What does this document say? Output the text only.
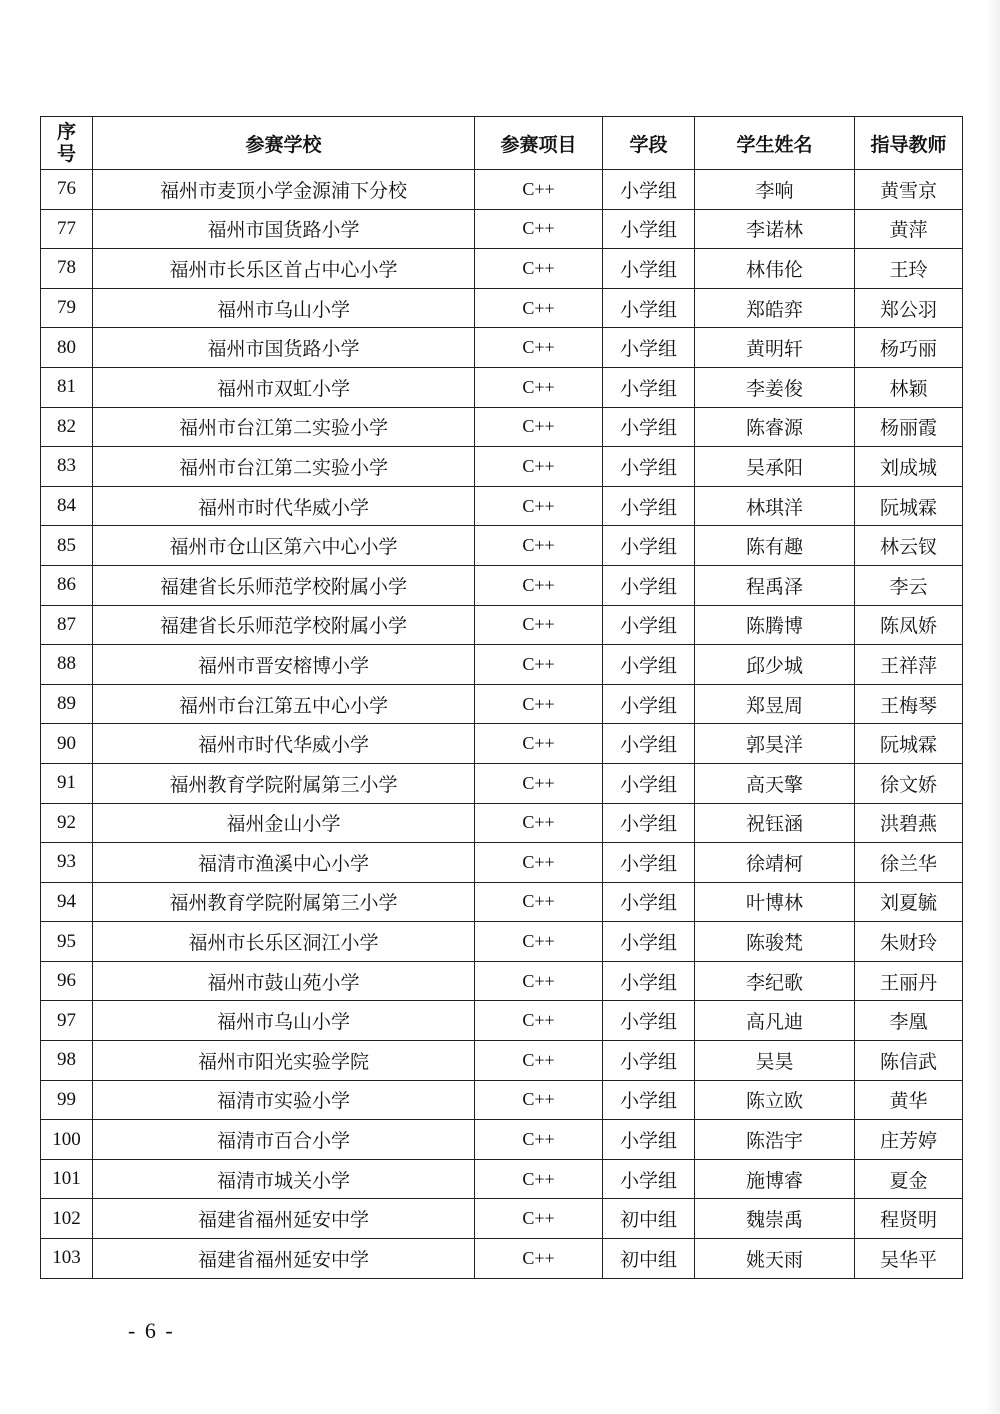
序
号	参赛学校	参赛项目	学段	学生姓名	指导教师
76	福州市麦顶小学金源浦下分校	C++	小学组	李响	黄雪京
77	福州市国货路小学	C++	小学组	李诺林	黄萍
78	福州市长乐区首占中心小学	C++	小学组	林伟伦	王玲
79	福州市乌山小学	C++	小学组	郑皓弈	郑公羽
80	福州市国货路小学	C++	小学组	黄明轩	杨巧丽
81	福州市双虹小学	C++	小学组	李姜俊	林颖
82	福州市台江第二实验小学	C++	小学组	陈睿源	杨丽霞
83	福州市台江第二实验小学	C++	小学组	吴承阳	刘成城
84	福州市时代华威小学	C++	小学组	林琪洋	阮城霖
85	福州市仓山区第六中心小学	C++	小学组	陈有趣	林云钗
86	福建省长乐师范学校附属小学	C++	小学组	程禹泽	李云
87	福建省长乐师范学校附属小学	C++	小学组	陈腾博	陈凤娇
88	福州市晋安榕博小学	C++	小学组	邱少城	王祥萍
89	福州市台江第五中心小学	C++	小学组	郑昱周	王梅琴
90	福州市时代华威小学	C++	小学组	郭昊洋	阮城霖
91	福州教育学院附属第三小学	C++	小学组	高天擎	徐文娇
92	福州金山小学	C++	小学组	祝钰涵	洪碧燕
93	福清市渔溪中心小学	C++	小学组	徐靖柯	徐兰华
94	福州教育学院附属第三小学	C++	小学组	叶博林	刘夏毓
95	福州市长乐区洞江小学	C++	小学组	陈骏梵	朱财玲
96	福州市鼓山苑小学	C++	小学组	李纪歌	王丽丹
97	福州市乌山小学	C++	小学组	高凡迪	李凰
98	福州市阳光实验学院	C++	小学组	吴昊	陈信武
99	福清市实验小学	C++	小学组	陈立欧	黄华
100	福清市百合小学	C++	小学组	陈浩宇	庄芳婷
101	福清市城关小学	C++	小学组	施博睿	夏金
102	福建省福州延安中学	C++	初中组	魏崇禹	程贤明
103	福建省福州延安中学	C++	初中组	姚天雨	吴华平
- 6 -
